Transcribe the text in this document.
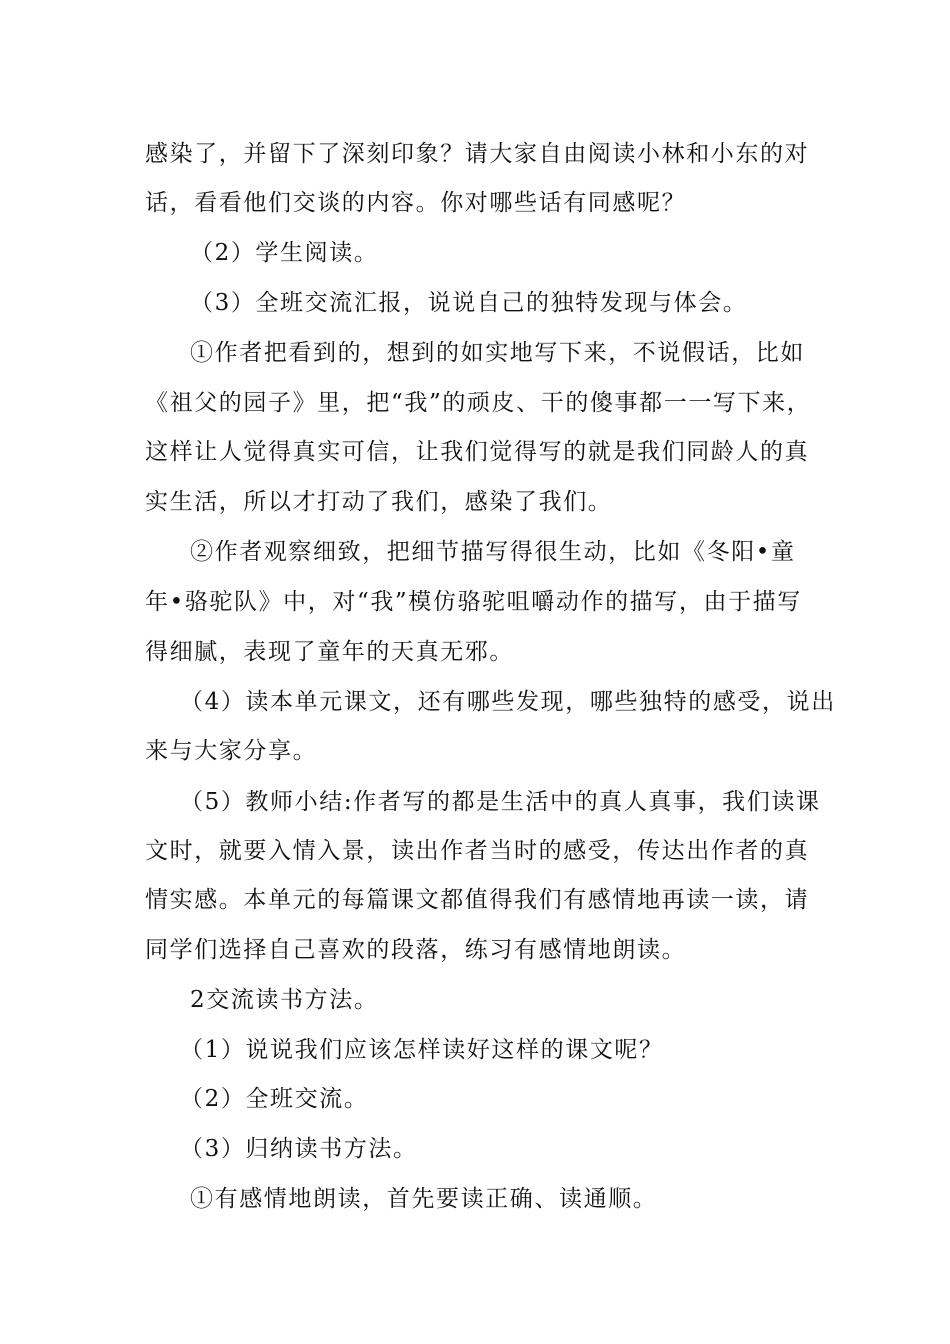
感染了，并留下了深刻印象？请大家自由阅读小林和小东的对
话，看看他们交谈的内容。你对哪些话有同感呢？
（2）学生阅读。
（3）全班交流汇报，说说自己的独特发现与体会。
①作者把看到的，想到的如实地写下来，不说假话，比如
《祖父的园子》里，把“我”的顽皮、干的傻事都一一写下来，
这样让人觉得真实可信，让我们觉得写的就是我们同龄人的真
实生活，所以才打动了我们，感染了我们。
②作者观察细致，把细节描写得很生动，比如《冬阳•童
年•骆驼队》中，对“我”模仿骆驼咀嚼动作的描写，由于描写
得细腻，表现了童年的天真无邪。
（4）读本单元课文，还有哪些发现，哪些独特的感受，说出
来与大家分享。
（5）教师小结:作者写的都是生活中的真人真事，我们读课
文时，就要入情入景，读出作者当时的感受，传达出作者的真
情实感。本单元的每篇课文都值得我们有感情地再读一读，请
同学们选择自己喜欢的段落，练习有感情地朗读。
2交流读书方法。
（1）说说我们应该怎样读好这样的课文呢？
（2）全班交流。
（3）归纳读书方法。
①有感情地朗读，首先要读正确、读通顺。
